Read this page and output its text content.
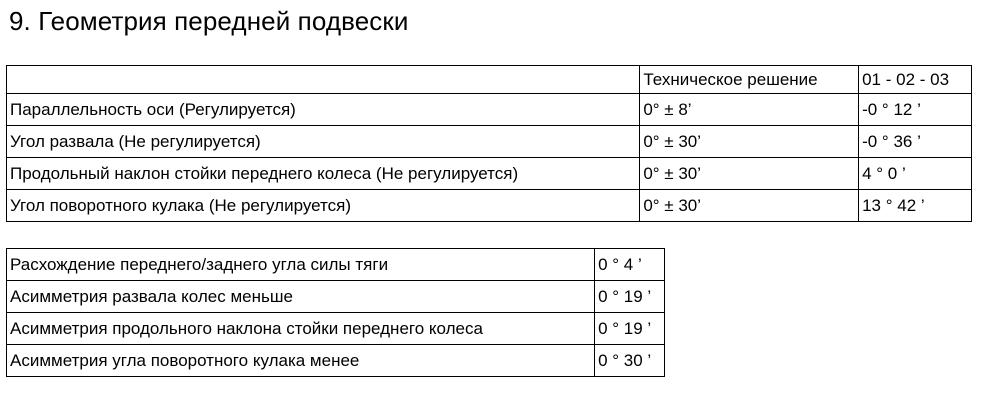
9. Геометрия передней подвески
	Техническое решение	01 - 02 - 03
Параллельность оси (Регулируется)	0° ± 8’	-0 ° 12 ’
Угол развала (Не регулируется)	0° ± 30’	-0 ° 36 ’
Продольный наклон стойки переднего колеса (Не регулируется)	0° ± 30’	4 ° 0 ’
Угол поворотного кулака (Не регулируется)	0° ± 30’	13 ° 42 ’
Расхождение переднего/заднего угла силы тяги	0 ° 4 ’
Асимметрия развала колес меньше	0 ° 19 ’
Асимметрия продольного наклона стойки переднего колеса	0 ° 19 ’
Асимметрия угла поворотного кулака менее	0 ° 30 ’
